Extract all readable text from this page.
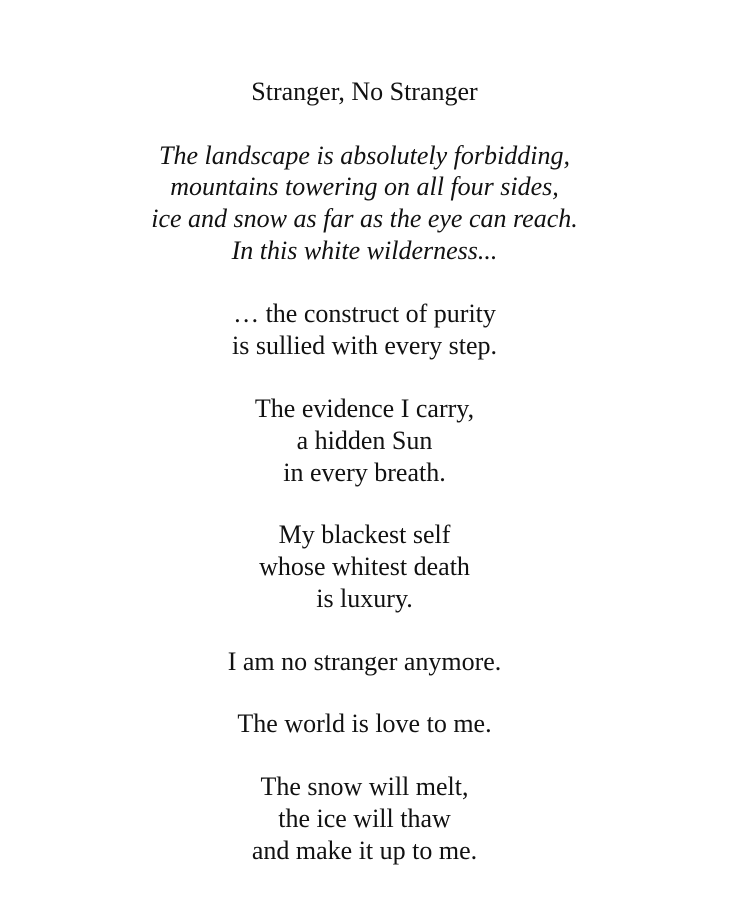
Stranger, No Stranger
The landscape is absolutely forbidding,
mountains towering on all four sides,
ice and snow as far as the eye can reach.
In this white wilderness...
… the construct of purity
is sullied with every step.
The evidence I carry,
a hidden Sun
in every breath.
My blackest self
whose whitest death
is luxury.
I am no stranger anymore.
The world is love to me.
The snow will melt,
the ice will thaw
and make it up to me.
